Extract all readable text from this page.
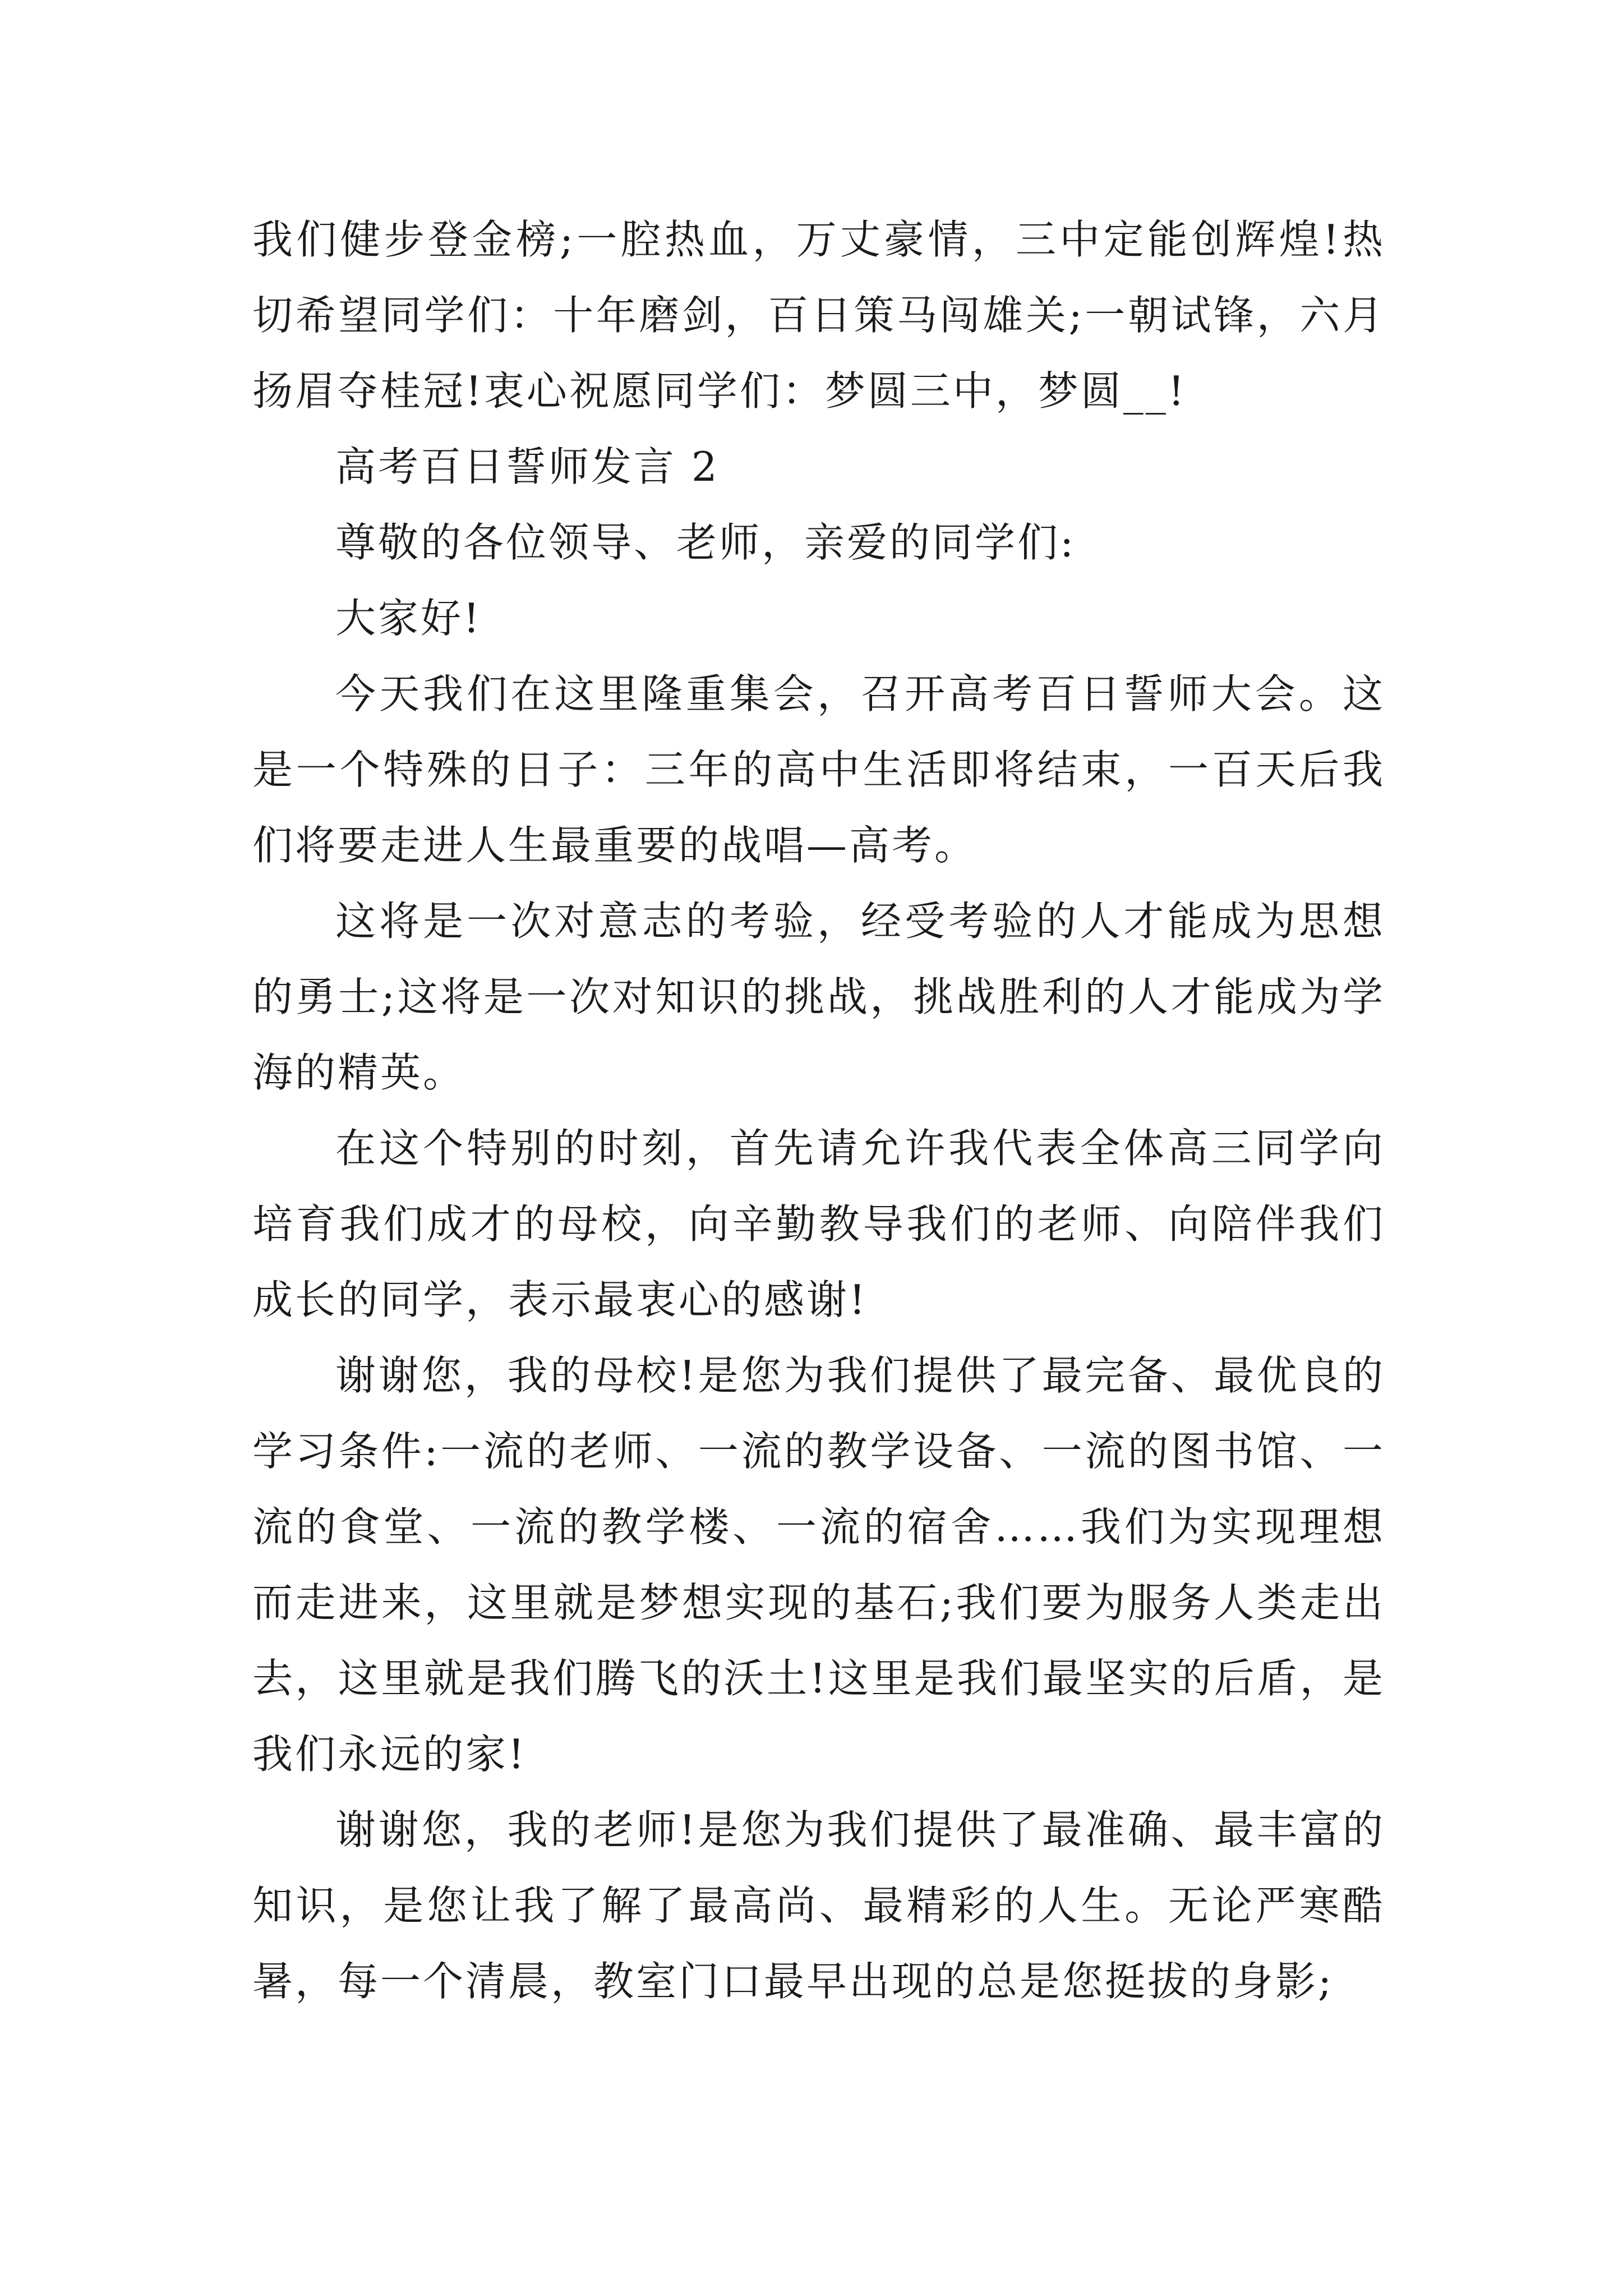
我们健步登金榜;一腔热血，万丈豪情，三中定能创辉煌!热切希望同学们：十年磨剑，百日策马闯雄关;一朝试锋，六月扬眉夺桂冠!衷心祝愿同学们：梦圆三中，梦圆__!

高考百日誓师发言 2

尊敬的各位领导、老师，亲爱的同学们:

大家好!

今天我们在这里隆重集会，召开高考百日誓师大会。这是一个特殊的日子：三年的高中生活即将结束，一百天后我们将要走进人生最重要的战唱—高考。

这将是一次对意志的考验，经受考验的人才能成为思想的勇士;这将是一次对知识的挑战，挑战胜利的人才能成为学海的精英。

在这个特别的时刻，首先请允许我代表全体高三同学向培育我们成才的母校，向辛勤教导我们的老师、向陪伴我们成长的同学，表示最衷心的感谢!

谢谢您，我的母校!是您为我们提供了最完备、最优良的学习条件:一流的老师、一流的教学设备、一流的图书馆、一流的食堂、一流的教学楼、一流的宿舍……我们为实现理想而走进来，这里就是梦想实现的基石;我们要为服务人类走出去，这里就是我们腾飞的沃土!这里是我们最坚实的后盾，是我们永远的家!

谢谢您，我的老师!是您为我们提供了最准确、最丰富的知识，是您让我了解了最高尚、最精彩的人生。无论严寒酷暑，每一个清晨，教室门口最早出现的总是您挺拔的身影;
